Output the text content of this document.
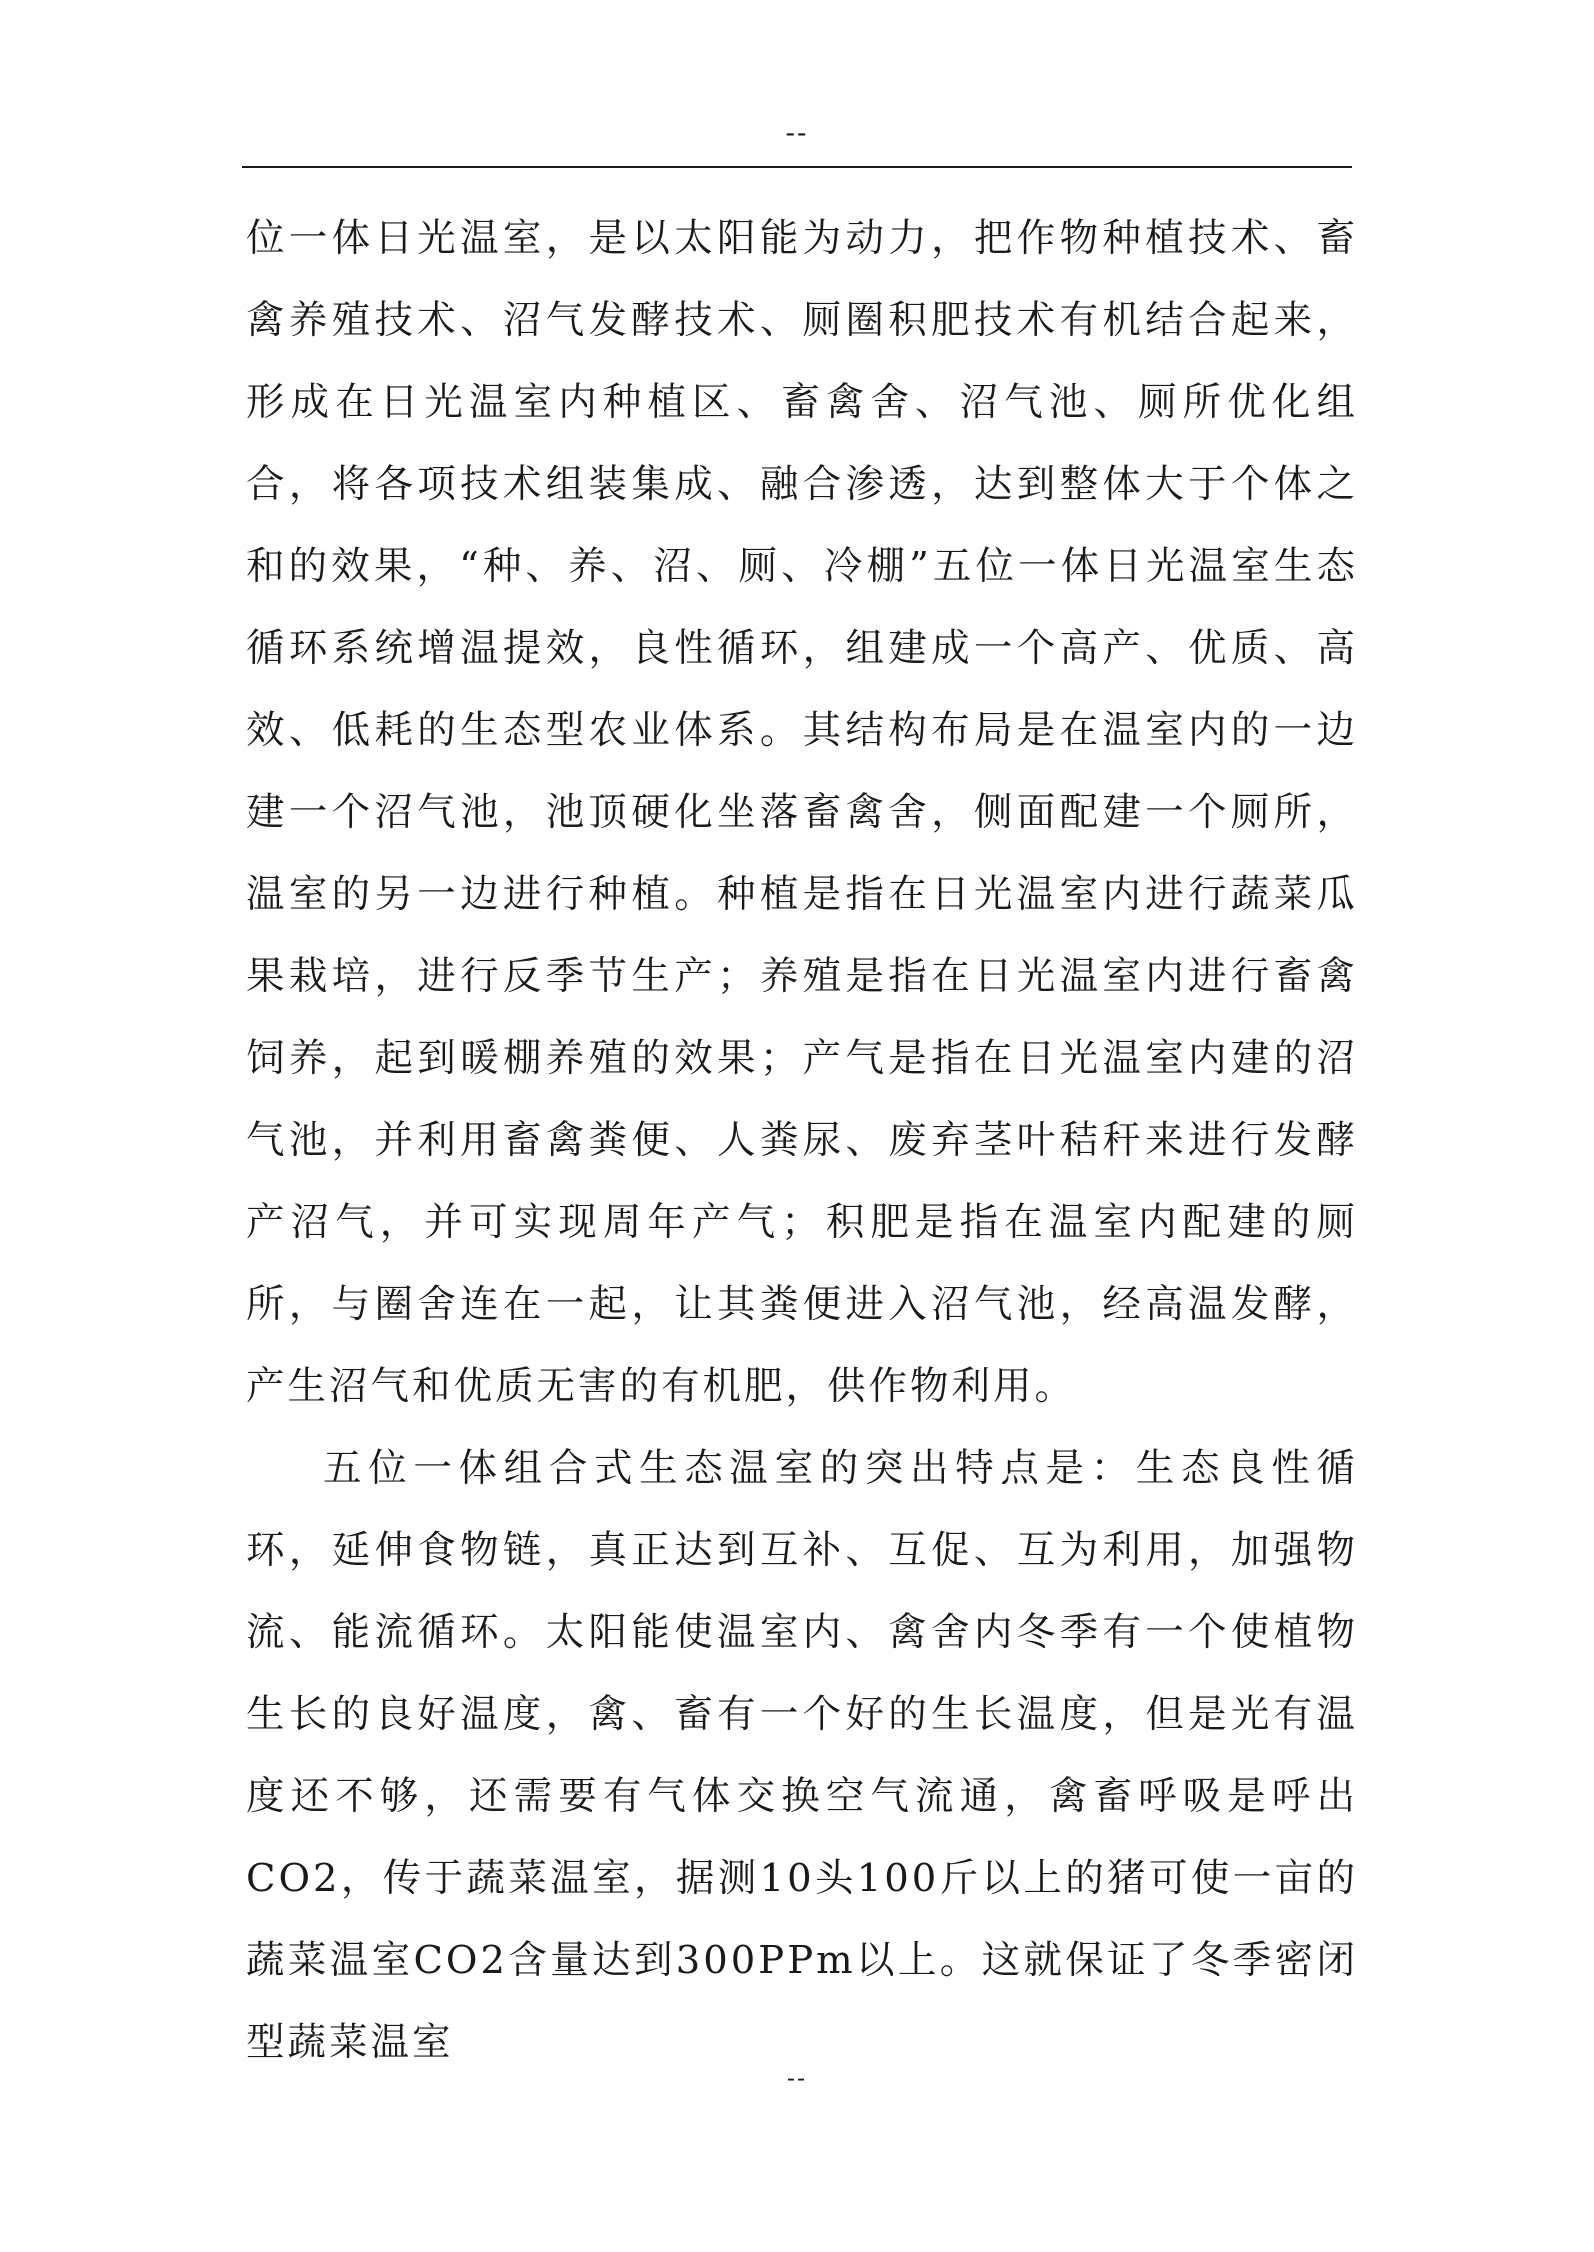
--

位一体日光温室，是以太阳能为动力，把作物种植技术、畜禽养殖技术、沼气发酵技术、厕圈积肥技术有机结合起来，形成在日光温室内种植区、畜禽舍、沼气池、厕所优化组合，将各项技术组装集成、融合渗透，达到整体大于个体之和的效果，“种、养、沼、厕、冷棚”五位一体日光温室生态循环系统增温提效，良性循环，组建成一个高产、优质、高效、低耗的生态型农业体系。其结构布局是在温室内的一边建一个沼气池，池顶硬化坐落畜禽舍，侧面配建一个厕所，温室的另一边进行种植。种植是指在日光温室内进行蔬菜瓜果栽培，进行反季节生产；养殖是指在日光温室内进行畜禽饲养，起到暖棚养殖的效果；产气是指在日光温室内建的沼气池，并利用畜禽粪便、人粪尿、废弃茎叶秸秆来进行发酵产沼气，并可实现周年产气；积肥是指在温室内配建的厕所，与圈舍连在一起，让其粪便进入沼气池，经高温发酵，产生沼气和优质无害的有机肥，供作物利用。

五位一体组合式生态温室的突出特点是：生态良性循环，延伸食物链，真正达到互补、互促、互为利用，加强物流、能流循环。太阳能使温室内、禽舍内冬季有一个使植物生长的良好温度，禽、畜有一个好的生长温度，但是光有温度还不够，还需要有气体交换空气流通，禽畜呼吸是呼出CO2，传于蔬菜温室，据测10头100斤以上的猪可使一亩的蔬菜温室CO2含量达到300PPm以上。这就保证了冬季密闭型蔬菜温室

--
